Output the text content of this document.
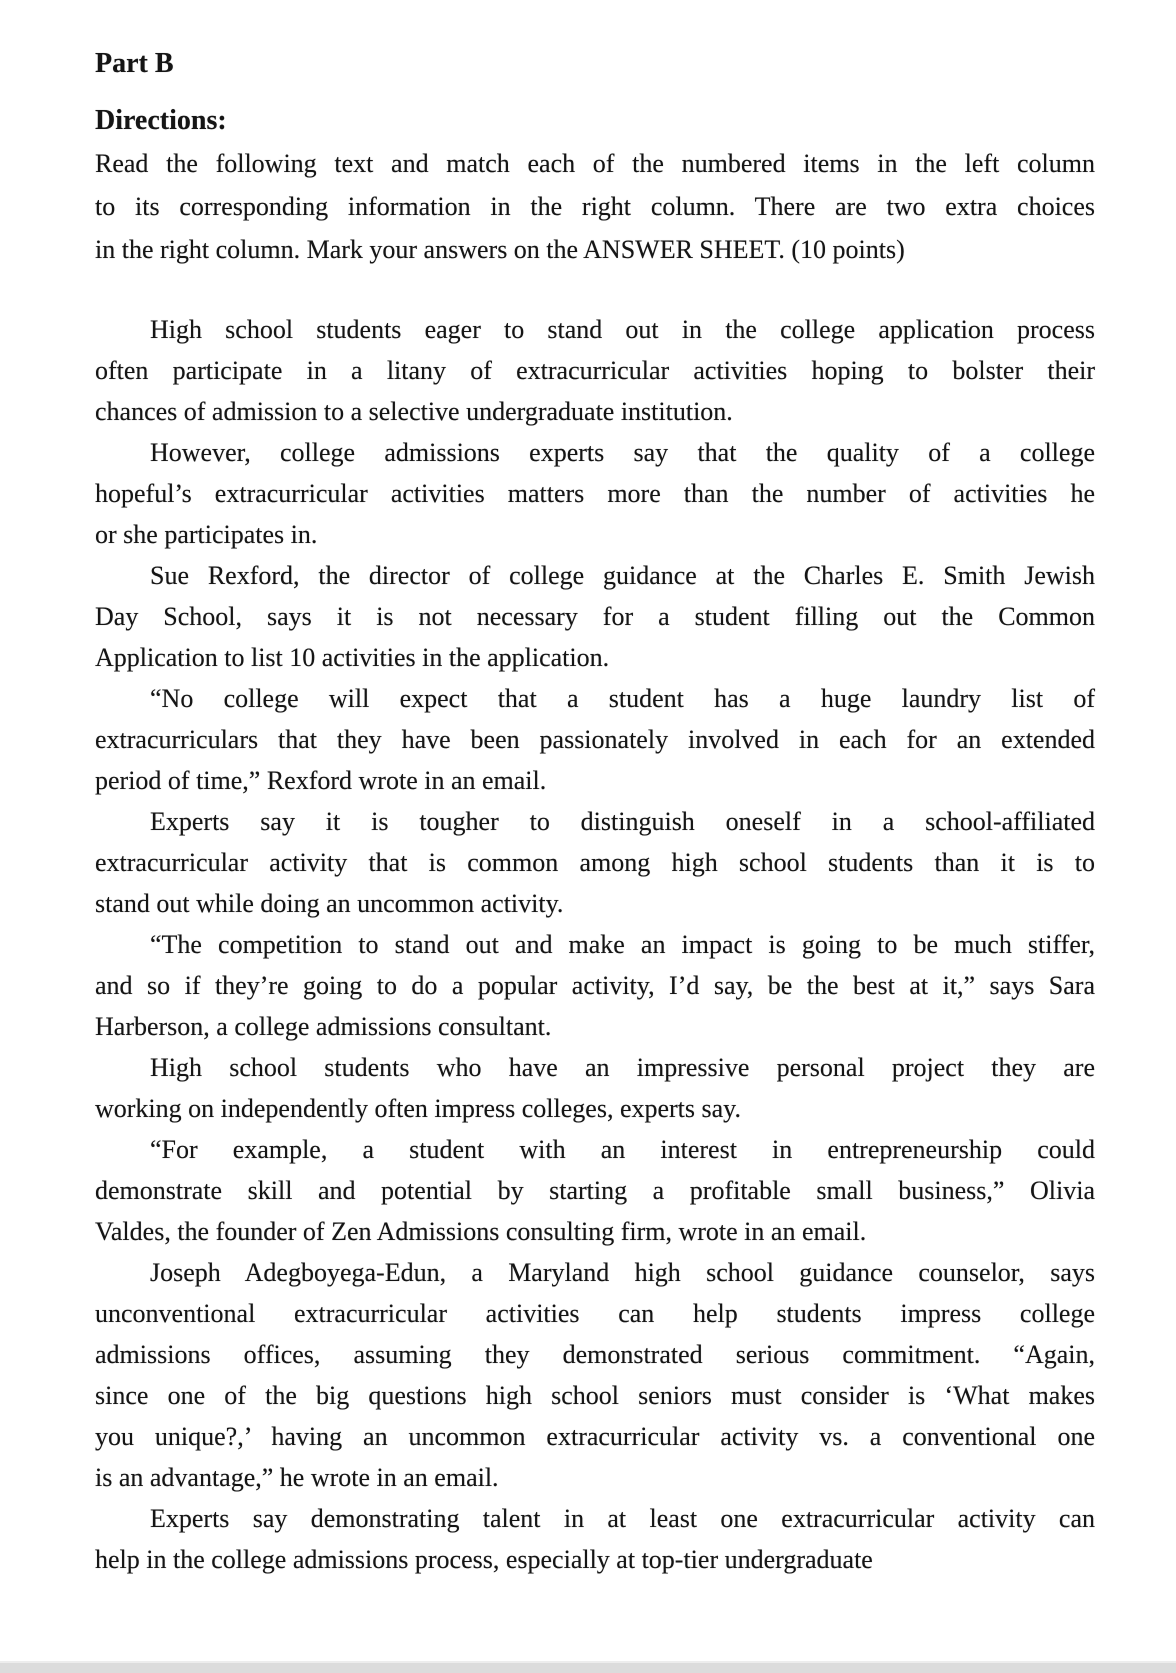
Part B
Directions:
Read the following text and match each of the numbered items in the left column
to its corresponding information in the right column. There are two extra choices
in the right column. Mark your answers on the ANSWER SHEET. (10 points)
High school students eager to stand out in the college application process
often participate in a litany of extracurricular activities hoping to bolster their
chances of admission to a selective undergraduate institution.
However, college admissions experts say that the quality of a college
hopeful’s extracurricular activities matters more than the number of activities he
or she participates in.
Sue Rexford, the director of college guidance at the Charles E. Smith Jewish
Day School, says it is not necessary for a student filling out the Common
Application to list 10 activities in the application.
“No college will expect that a student has a huge laundry list of
extracurriculars that they have been passionately involved in each for an extended
period of time,” Rexford wrote in an email.
Experts say it is tougher to distinguish oneself in a school-affiliated
extracurricular activity that is common among high school students than it is to
stand out while doing an uncommon activity.
“The competition to stand out and make an impact is going to be much stiffer,
and so if they’re going to do a popular activity, I’d say, be the best at it,” says Sara
Harberson, a college admissions consultant.
High school students who have an impressive personal project they are
working on independently often impress colleges, experts say.
“For example, a student with an interest in entrepreneurship could
demonstrate skill and potential by starting a profitable small business,” Olivia
Valdes, the founder of Zen Admissions consulting firm, wrote in an email.
Joseph Adegboyega-Edun, a Maryland high school guidance counselor, says
unconventional extracurricular activities can help students impress college
admissions offices, assuming they demonstrated serious commitment. “Again,
since one of the big questions high school seniors must consider is ‘What makes
you unique?,’ having an uncommon extracurricular activity vs. a conventional one
is an advantage,” he wrote in an email.
Experts say demonstrating talent in at least one extracurricular activity can
help in the college admissions process, especially at top-tier undergraduate
